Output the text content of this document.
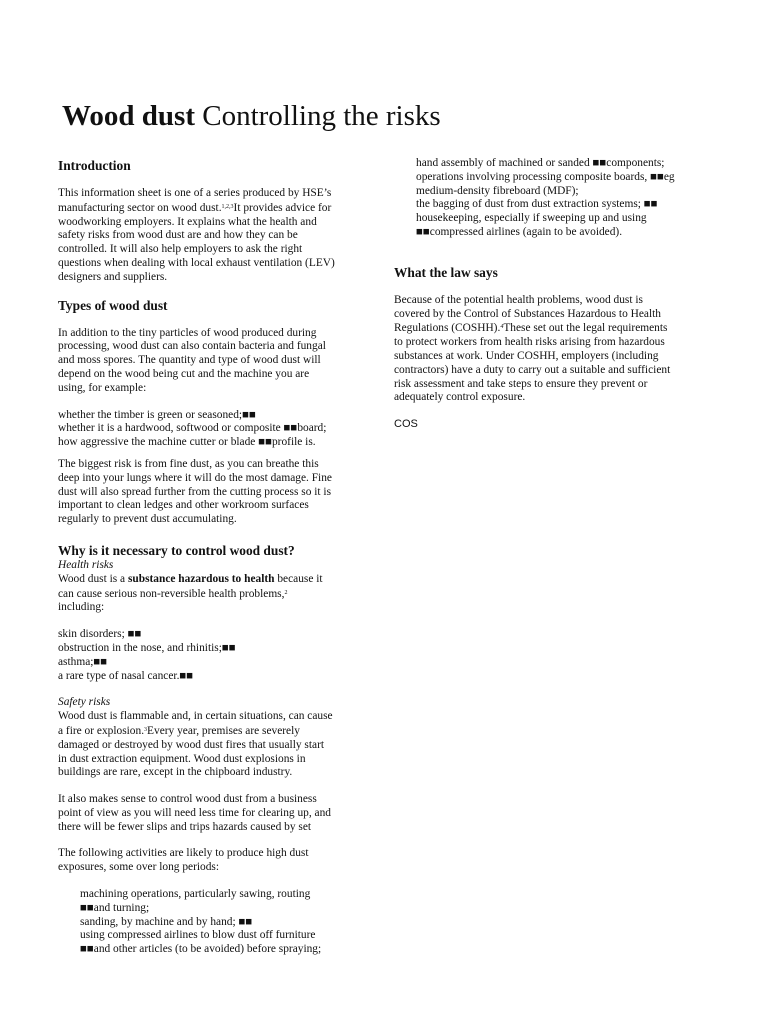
Wood dust Controlling the risks
Introduction
This information sheet is one of a series produced by HSE’s
manufacturing sector on wood dust.$^{1,2,3}$It provides advice for
woodworking employers. It explains what the health and
safety risks from wood dust are and how they can be
controlled. It will also help employers to ask the right
questions when dealing with local exhaust ventilation (LEV)
designers and suppliers.
Types of wood dust
In addition to the tiny particles of wood produced during
processing, wood dust can also contain bacteria and fungal
and moss spores. The quantity and type of wood dust will
depend on the wood being cut and the machine you are
using, for example:
whether the timber is green or seasoned;■■
whether it is a hardwood, softwood or composite ■■board;
how aggressive the machine cutter or blade ■■profile is.
The biggest risk is from fine dust, as you can breathe this
deep into your lungs where it will do the most damage. Fine
dust will also spread further from the cutting process so it is
important to clean ledges and other workroom surfaces
regularly to prevent dust accumulating.
Why is it necessary to control wood dust?
Health risks
Wood dust is a substance hazardous to health because it
can cause serious non-reversible health problems,$^2$
including:
skin disorders; ■■
obstruction in the nose, and rhinitis;■■
asthma;■■
a rare type of nasal cancer.■■
Safety risks
Wood dust is flammable and, in certain situations, can cause
a fire or explosion.$^3$Every year, premises are severely
damaged or destroyed by wood dust fires that usually start
in dust extraction equipment. Wood dust explosions in
buildings are rare, except in the chipboard industry.
It also makes sense to control wood dust from a business
point of view as you will need less time for clearing up, and
there will be fewer slips and trips hazards caused by set
The following activities are likely to produce high dust
exposures, some over long periods:
machining operations, particularly sawing, routing
■■and turning;
sanding, by machine and by hand; ■■
using compressed airlines to blow dust off furniture
■■and other articles (to be avoided) before spraying;
hand assembly of machined or sanded ■■components;
operations involving processing composite boards, ■■eg
medium-density fibreboard (MDF);
the bagging of dust from dust extraction systems; ■■
housekeeping, especially if sweeping up and using
■■compressed airlines (again to be avoided).
What the law says
Because of the potential health problems, wood dust is
covered by the Control of Substances Hazardous to Health
Regulations (COSHH).$^4$These set out the legal requirements
to protect workers from health risks arising from hazardous
substances at work. Under COSHH, employers (including
contractors) have a duty to carry out a suitable and sufficient
risk assessment and take steps to ensure they prevent or
adequately control exposure.
COS
